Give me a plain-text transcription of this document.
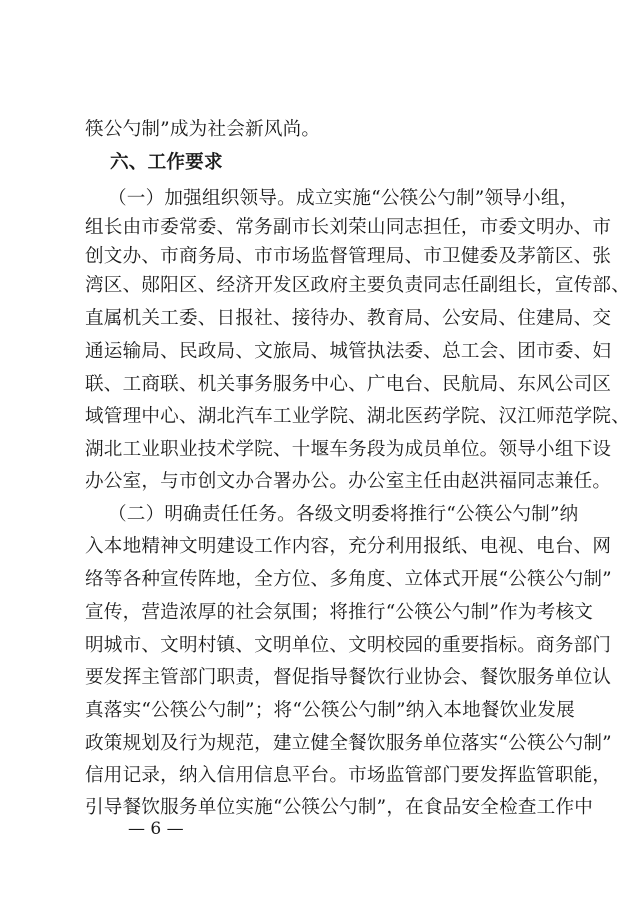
筷公勺制”成为社会新风尚。
六、工作要求
（一）加强组织领导。成立实施“公筷公勺制”领导小组，
组长由市委常委、常务副市长刘荣山同志担任，市委文明办、市
创文办、市商务局、市市场监督管理局、市卫健委及茅箭区、张
湾区、郧阳区、经济开发区政府主要负责同志任副组长，宣传部、
直属机关工委、日报社、接待办、教育局、公安局、住建局、交
通运输局、民政局、文旅局、城管执法委、总工会、团市委、妇
联、工商联、机关事务服务中心、广电台、民航局、东风公司区
域管理中心、湖北汽车工业学院、湖北医药学院、汉江师范学院、
湖北工业职业技术学院、十堰车务段为成员单位。领导小组下设
办公室，与市创文办合署办公。办公室主任由赵洪福同志兼任。
（二）明确责任任务。各级文明委将推行“公筷公勺制”纳
入本地精神文明建设工作内容，充分利用报纸、电视、电台、网
络等各种宣传阵地，全方位、多角度、立体式开展“公筷公勺制”
宣传，营造浓厚的社会氛围；将推行“公筷公勺制”作为考核文
明城市、文明村镇、文明单位、文明校园的重要指标。商务部门
要发挥主管部门职责，督促指导餐饮行业协会、餐饮服务单位认
真落实“公筷公勺制”；将“公筷公勺制”纳入本地餐饮业发展
政策规划及行为规范，建立健全餐饮服务单位落实“公筷公勺制”
信用记录，纳入信用信息平台。市场监管部门要发挥监管职能，
引导餐饮服务单位实施“公筷公勺制”，在食品安全检查工作中
— 6 —
